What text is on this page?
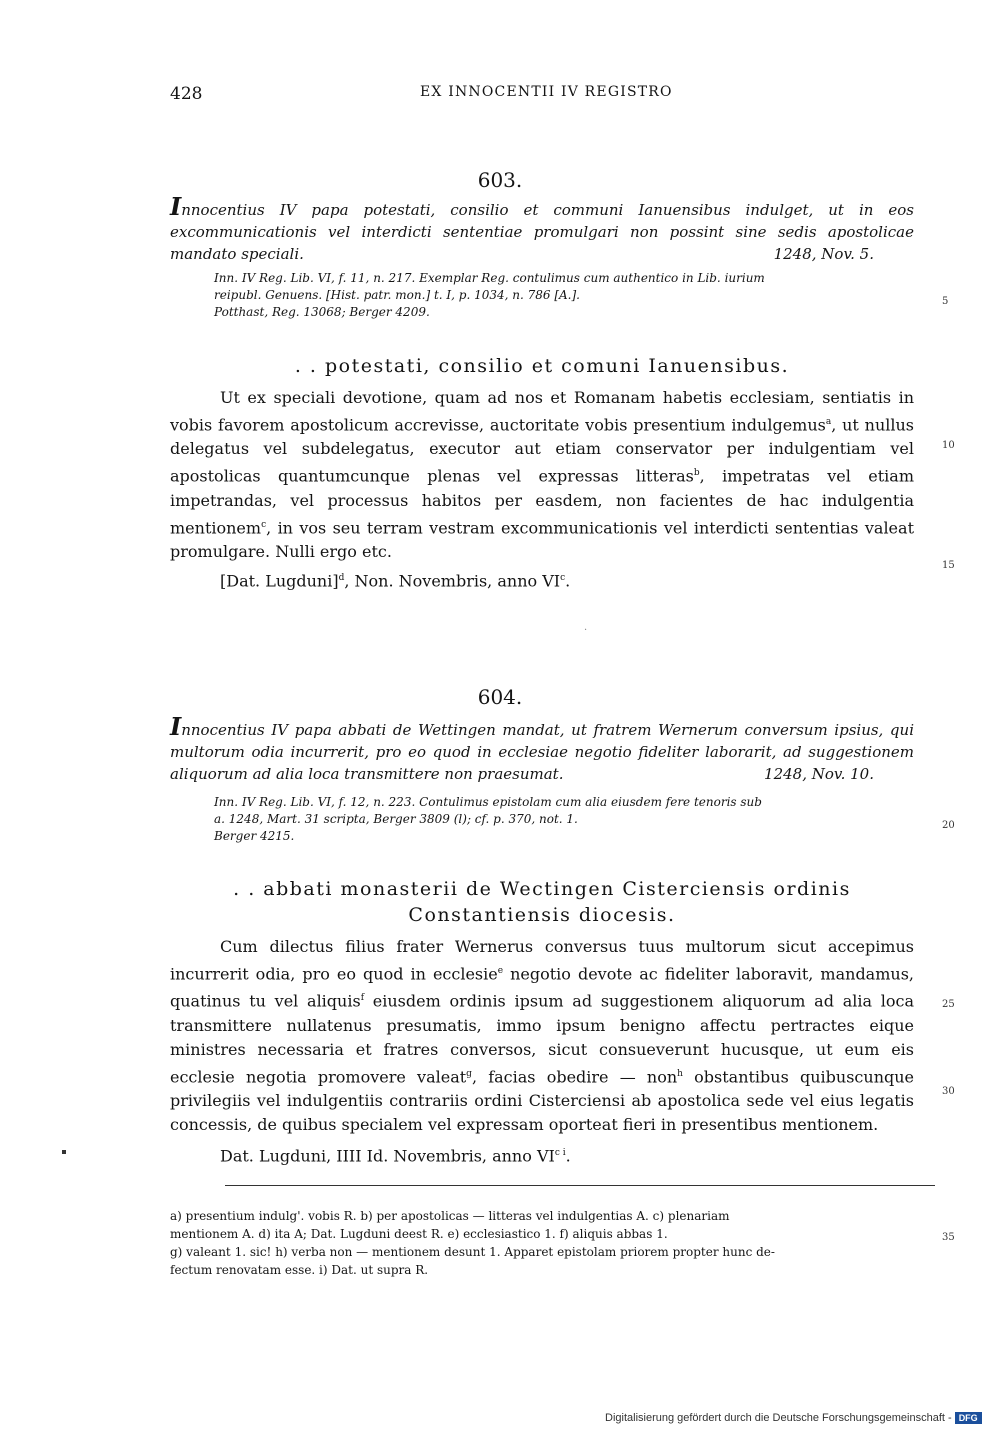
428	EX INNOCENTII IV REGISTRO
603.
Innocentius IV papa potestati, consilio et communi Ianuensibus indulget, ut in eos excommunicationis vel interdicti sententiae promulgari non possint sine sedis apostolicae mandato speciali.	1248, Nov. 5.
Inn. IV Reg. Lib. VI, f. 11, n. 217. Exemplar Reg. contulimus cum authentico in Lib. iurium
reipubl. Genuens. [Hist. patr. mon.] t. I, p. 1034, n. 786 [A.].
Potthast, Reg. 13068; Berger 4209.
. . potestati, consilio et comuni Ianuensibus.

Ut ex speciali devotione, quam ad nos et Romanam habetis ecclesiam, sentiatis in vobis favorem apostolicum accrevisse, auctoritate vobis presentium indulgemus$^a$, ut nullus delegatus vel subdelegatus, executor aut etiam conservator per indulgentiam vel apostolicas quantumcunque plenas vel expressas litteras$^b$, impetratas vel etiam impetrandas, vel processus habitos per easdem, non facientes de hac indulgentia mentionem$^c$, in vos seu terram vestram excommunicationis vel interdicti sententias valeat promulgare. Nulli ergo etc.

[Dat. Lugduni]$^d$, Non. Novembris, anno $VI^c$.

·
604.
Innocentius IV papa abbati de Wettingen mandat, ut fratrem Wernerum conversum ipsius, qui multorum odia incurrerit, pro eo quod in ecclesiae negotio fideliter laborarit, ad suggestionem aliquorum ad alia loca transmittere non praesumat.	1248, Nov. 10.
Inn. IV Reg. Lib. VI, f. 12, n. 223. Contulimus epistolam cum alia eiusdem fere tenoris sub
a. 1248, Mart. 31 scripta, Berger 3809 (l); cf. p. 370, not. 1.
Berger 4215.
. . abbati monasterii de Wectingen Cisterciensis ordinis
Constantiensis diocesis.

Cum dilectus filius frater Wernerus conversus tuus multorum sicut accepimus incurrerit odia, pro eo quod in ecclesie$^e$ negotio devote ac fideliter laboravit, mandamus, quatinus tu vel aliquis$^f$ eiusdem ordinis ipsum ad suggestionem aliquorum ad alia loca transmittere nullatenus presumatis, immo ipsum benigno affectu pertractes eique ministres necessaria et fratres conversos, sicut consueverunt hucusque, ut eum eis ecclesie negotia promovere valeat$^g$, facias obedire — non$^h$ obstantibus quibuscunque privilegiis vel indulgentiis contrariis ordini Cisterciensi ab apostolica sede vel eius legatis concessis, de quibus specialem vel expressam oporteat fieri in presentibus mentionem.

Dat. Lugduni, IIII Id. Novembris, anno $VI^{c i}$.

5
10
15
20
25
30
35
a) presentium indulg'. vobis R. b) per apostolicas — litteras vel indulgentias A. c) plenariam
mentionem A. d) ita A; Dat. Lugduni deest R. e) ecclesiastico 1. f) aliquis abbas 1.
g) valeant 1. sic! h) verba non — mentionem desunt 1. Apparet epistolam priorem propter hunc de-
fectum renovatam esse. i) Dat. ut supra R.
Digitalisierung gefördert durch die Deutsche Forschungsgemeinschaft - DFG
